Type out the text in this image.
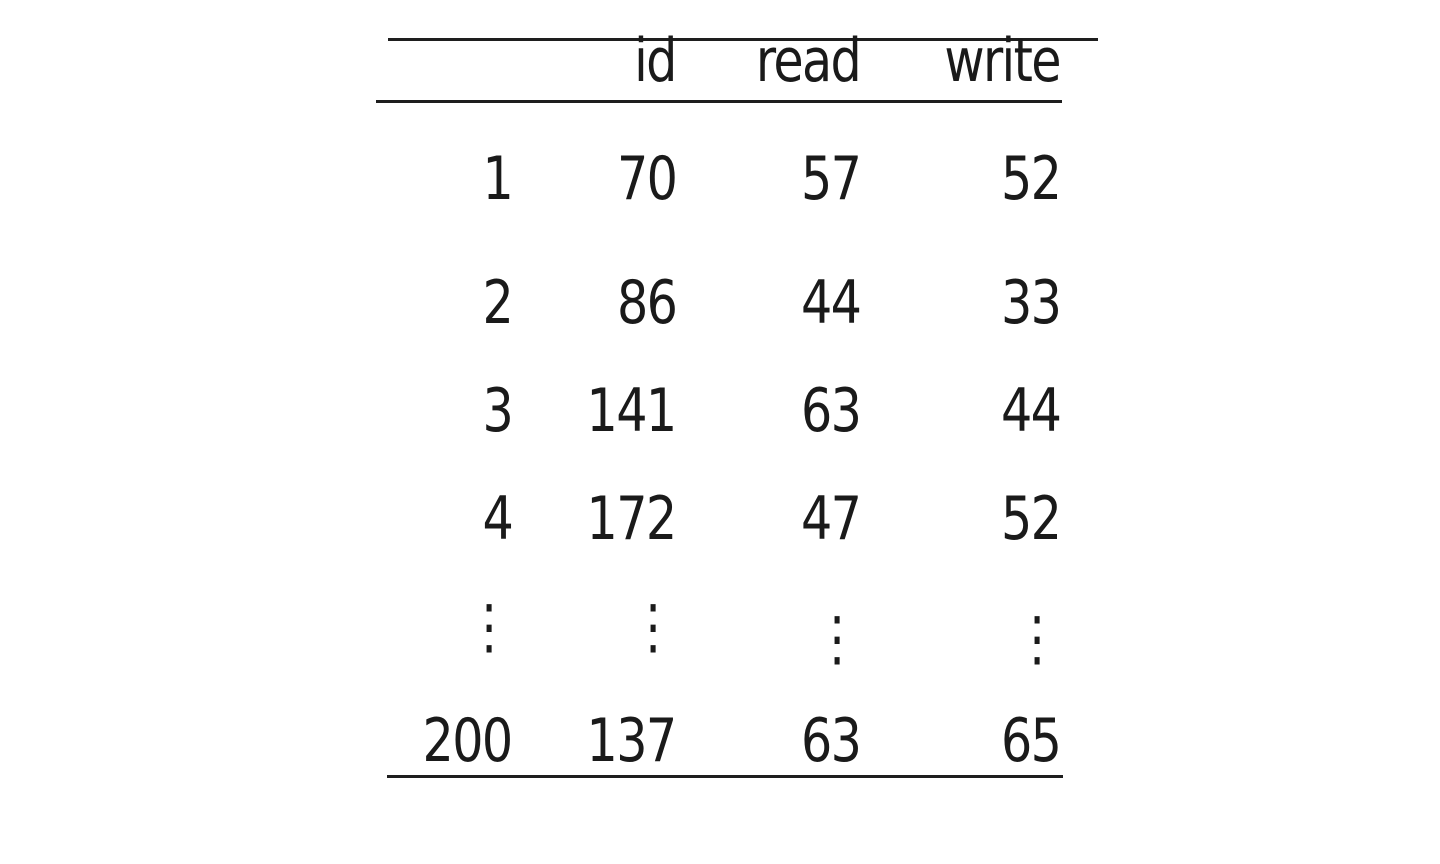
id read write
1 70 57 52
2 86 44 33
3 141 63 44
4 172 47 52
⋮ ⋮ ⋮	⋮
200 137 63 65
